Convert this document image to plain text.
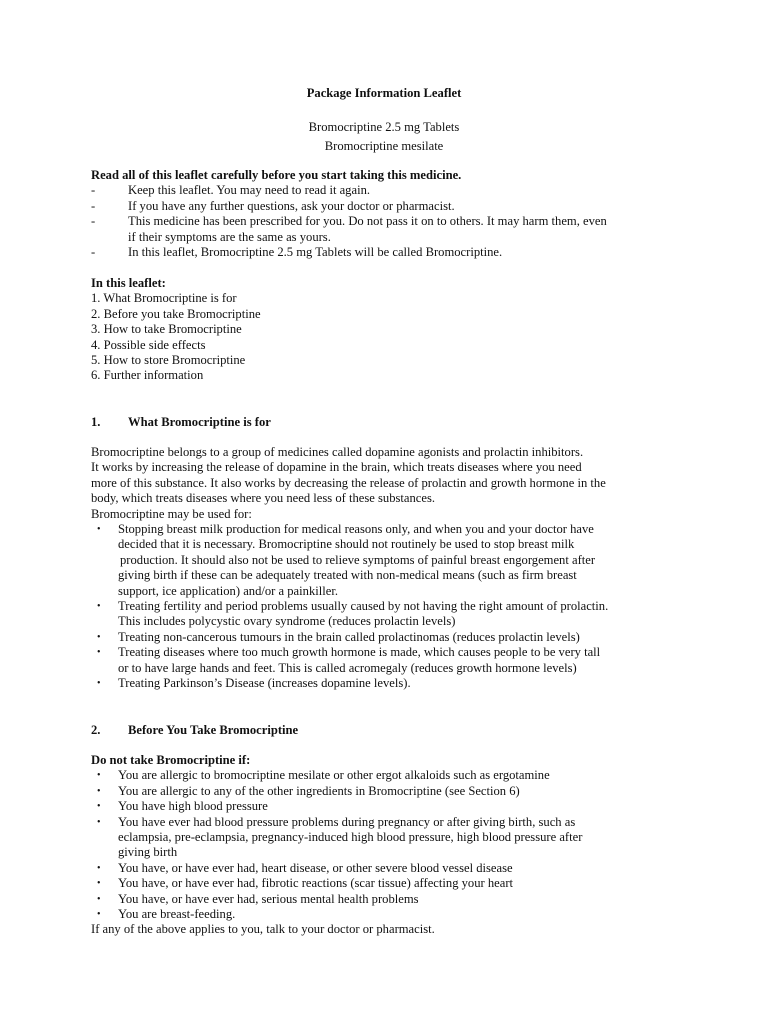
Package Information Leaflet
Bromocriptine 2.5 mg Tablets
Bromocriptine mesilate
Read all of this leaflet carefully before you start taking this medicine.
-	Keep this leaflet. You may need to read it again.
-	If you have any further questions, ask your doctor or pharmacist.
-	This medicine has been prescribed for you. Do not pass it on to others. It may harm them, even
if their symptoms are the same as yours.
-	In this leaflet, Bromocriptine 2.5 mg Tablets will be called Bromocriptine.
In this leaflet:
1. What Bromocriptine is for
2. Before you take Bromocriptine
3. How to take Bromocriptine
4. Possible side effects
5. How to store Bromocriptine
6. Further information
1. What Bromocriptine is for
Bromocriptine belongs to a group of medicines called dopamine agonists and prolactin inhibitors.
It works by increasing the release of dopamine in the brain, which treats diseases where you need
more of this substance. It also works by decreasing the release of prolactin and growth hormone in the
body, which treats diseases where you need less of these substances.
Bromocriptine may be used for:
• Stopping breast milk production for medical reasons only, and when you and your doctor have
decided that it is necessary. Bromocriptine should not routinely be used to stop breast milk
production. It should also not be used to relieve symptoms of painful breast engorgement after
giving birth if these can be adequately treated with non-medical means (such as firm breast
support, ice application) and/or a painkiller.
• Treating fertility and period problems usually caused by not having the right amount of prolactin.
This includes polycystic ovary syndrome (reduces prolactin levels)
• Treating non-cancerous tumours in the brain called prolactinomas (reduces prolactin levels)
• Treating diseases where too much growth hormone is made, which causes people to be very tall
or to have large hands and feet. This is called acromegaly (reduces growth hormone levels)
• Treating Parkinson’s Disease (increases dopamine levels).
2. Before You Take Bromocriptine
Do not take Bromocriptine if:
• You are allergic to bromocriptine mesilate or other ergot alkaloids such as ergotamine
• You are allergic to any of the other ingredients in Bromocriptine (see Section 6)
• You have high blood pressure
• You have ever had blood pressure problems during pregnancy or after giving birth, such as
eclampsia, pre-eclampsia, pregnancy-induced high blood pressure, high blood pressure after
giving birth
• You have, or have ever had, heart disease, or other severe blood vessel disease
• You have, or have ever had, fibrotic reactions (scar tissue) affecting your heart
• You have, or have ever had, serious mental health problems
• You are breast-feeding.
If any of the above applies to you, talk to your doctor or pharmacist.
